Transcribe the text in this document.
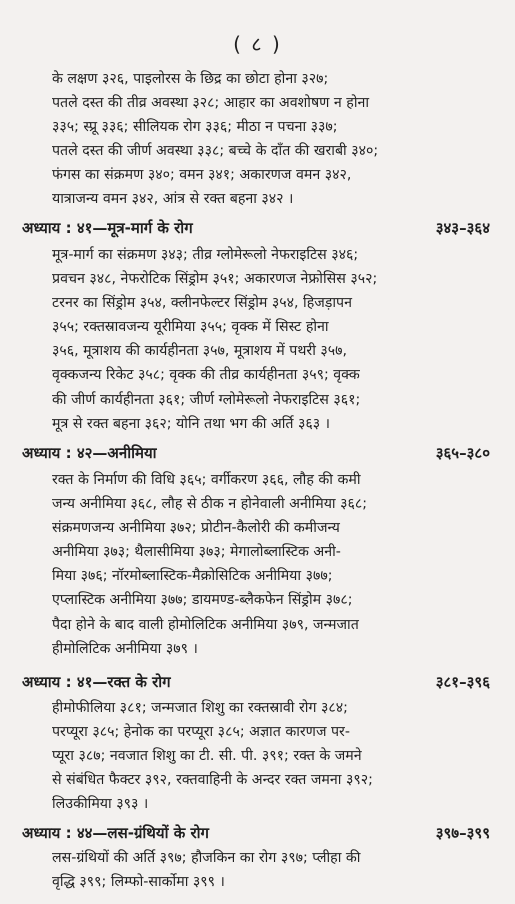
( ८ )
के लक्षण ३२६, पाइलोरस के छिद्र का छोटा होना ३२७;
पतले दस्त की तीव्र अवस्था ३२८; आहार का अवशोषण न होना
३३५; स्प्रू ३३६; सीलियक रोग ३३६; मीठा न पचना ३३७;
पतले दस्त की जीर्ण अवस्था ३३८; बच्चे के दाँत की खराबी ३४०;
फंगस का संक्रमण ३४०; वमन ३४१; अकारणज वमन ३४२,
यात्राजन्य वमन ३४२, आंत्र से रक्त बहना ३४२ ।
अध्याय : ४१—मूत्र-मार्ग के रोग	३४३–३६४
मूत्र-मार्ग का संक्रमण ३४३; तीव्र ग्लोमेरूलो नेफराइटिस ३४६;
प्रवचन ३४८, नेफरोटिक सिंड्रोम ३५१; अकारणज नेफ्रोसिस ३५२;
टरनर का सिंड्रोम ३५४, क्लीनफेल्टर सिंड्रोम ३५४, हिजड़ापन
३५५; रक्तस्रावजन्य यूरीमिया ३५५; वृक्क में सिस्ट होना
३५६, मूत्राशय की कार्यहीनता ३५७, मूत्राशय में पथरी ३५७,
वृक्कजन्य रिकेट ३५८; वृक्क की तीव्र कार्यहीनता ३५९; वृक्क
की जीर्ण कार्यहीनता ३६१; जीर्ण ग्लोमेरूलो नेफराइटिस ३६१;
मूत्र से रक्त बहना ३६२; योनि तथा भग की अर्ति ३६३ ।
अध्याय : ४२—अनीमिया	३६५–३८०
रक्त के निर्माण की विधि ३६५; वर्गीकरण ३६६, लौह की कमी
जन्य अनीमिया ३६८, लौह से ठीक न होनेवाली अनीमिया ३६८;
संक्रमणजन्य अनीमिया ३७२; प्रोटीन-कैलोरी की कमीजन्य
अनीमिया ३७३; थैलासीमिया ३७३; मेगालोब्लास्टिक अनी-
मिया ३७६; नॉरमोब्लास्टिक-मैक्रोसिटिक अनीमिया ३७७;
एप्लास्टिक अनीमिया ३७७; डायमण्ड-ब्लैकफेन सिंड्रोम ३७८;
पैदा होने के बाद वाली होमोलिटिक अनीमिया ३७९, जन्मजात
हीमोलिटिक अनीमिया ३७९ ।
अध्याय : ४१—रक्त के रोग	३८१–३९६
हीमोफीलिया ३८१; जन्मजात शिशु का रक्तस्रावी रोग ३८४;
परप्यूरा ३८५; हेनोक का परप्यूरा ३८५; अज्ञात कारणज पर-
प्यूरा ३८७; नवजात शिशु का टी. सी. पी. ३९१; रक्त के जमने
से संबंधित फैक्टर ३९२, रक्तवाहिनी के अन्दर रक्त जमना ३९२;
लिउकीमिया ३९३ ।
अध्याय : ४४—लस-ग्रंथियों के रोग	३९७–३९९
लस-ग्रंथियों की अर्ति ३९७; हौजकिन का रोग ३९७; प्लीहा की
वृद्धि ३९९; लिम्फो-सार्कोमा ३९९ ।
